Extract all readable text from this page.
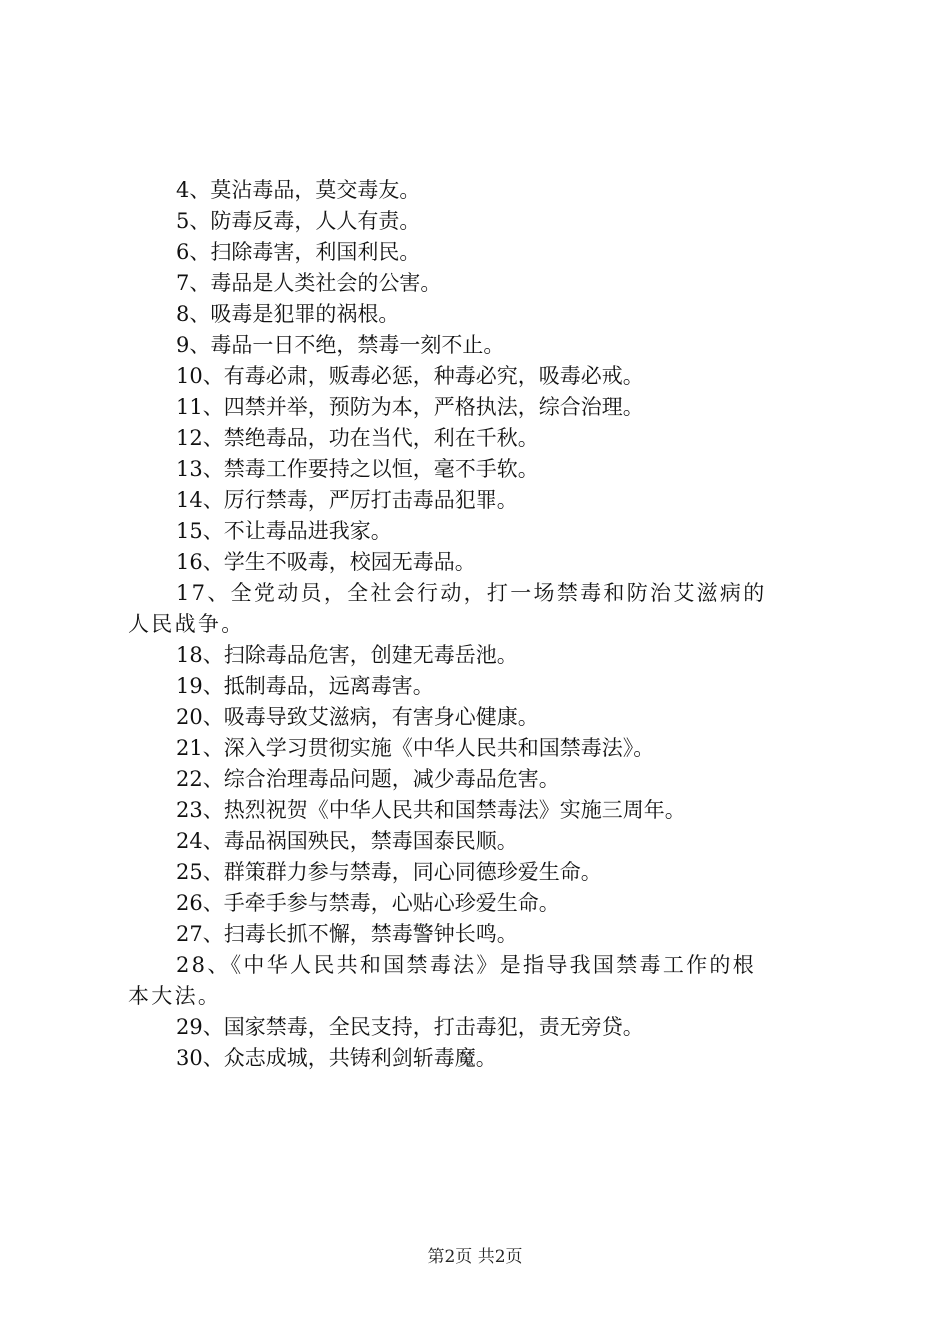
4、莫沾毒品，莫交毒友。
5、防毒反毒，人人有责。
6、扫除毒害，利国利民。
7、毒品是人类社会的公害。
8、吸毒是犯罪的祸根。
9、毒品一日不绝，禁毒一刻不止。
10、有毒必肃，贩毒必惩，种毒必究，吸毒必戒。
11、四禁并举，预防为本，严格执法，综合治理。
12、禁绝毒品，功在当代，利在千秋。
13、禁毒工作要持之以恒，毫不手软。
14、厉行禁毒，严厉打击毒品犯罪。
15、不让毒品进我家。
16、学生不吸毒，校园无毒品。
17、全党动员，全社会行动，打一场禁毒和防治艾滋病的
人民战争。
18、扫除毒品危害，创建无毒岳池。
19、抵制毒品，远离毒害。
20、吸毒导致艾滋病，有害身心健康。
21、深入学习贯彻实施《中华人民共和国禁毒法》。
22、综合治理毒品问题，减少毒品危害。
23、热烈祝贺《中华人民共和国禁毒法》实施三周年。
24、毒品祸国殃民，禁毒国泰民顺。
25、群策群力参与禁毒，同心同德珍爱生命。
26、手牵手参与禁毒，心贴心珍爱生命。
27、扫毒长抓不懈，禁毒警钟长鸣。
28、《中华人民共和国禁毒法》是指导我国禁毒工作的根
本大法。
29、国家禁毒，全民支持，打击毒犯，责无旁贷。
30、众志成城，共铸利剑斩毒魔。
第2页 共2页
